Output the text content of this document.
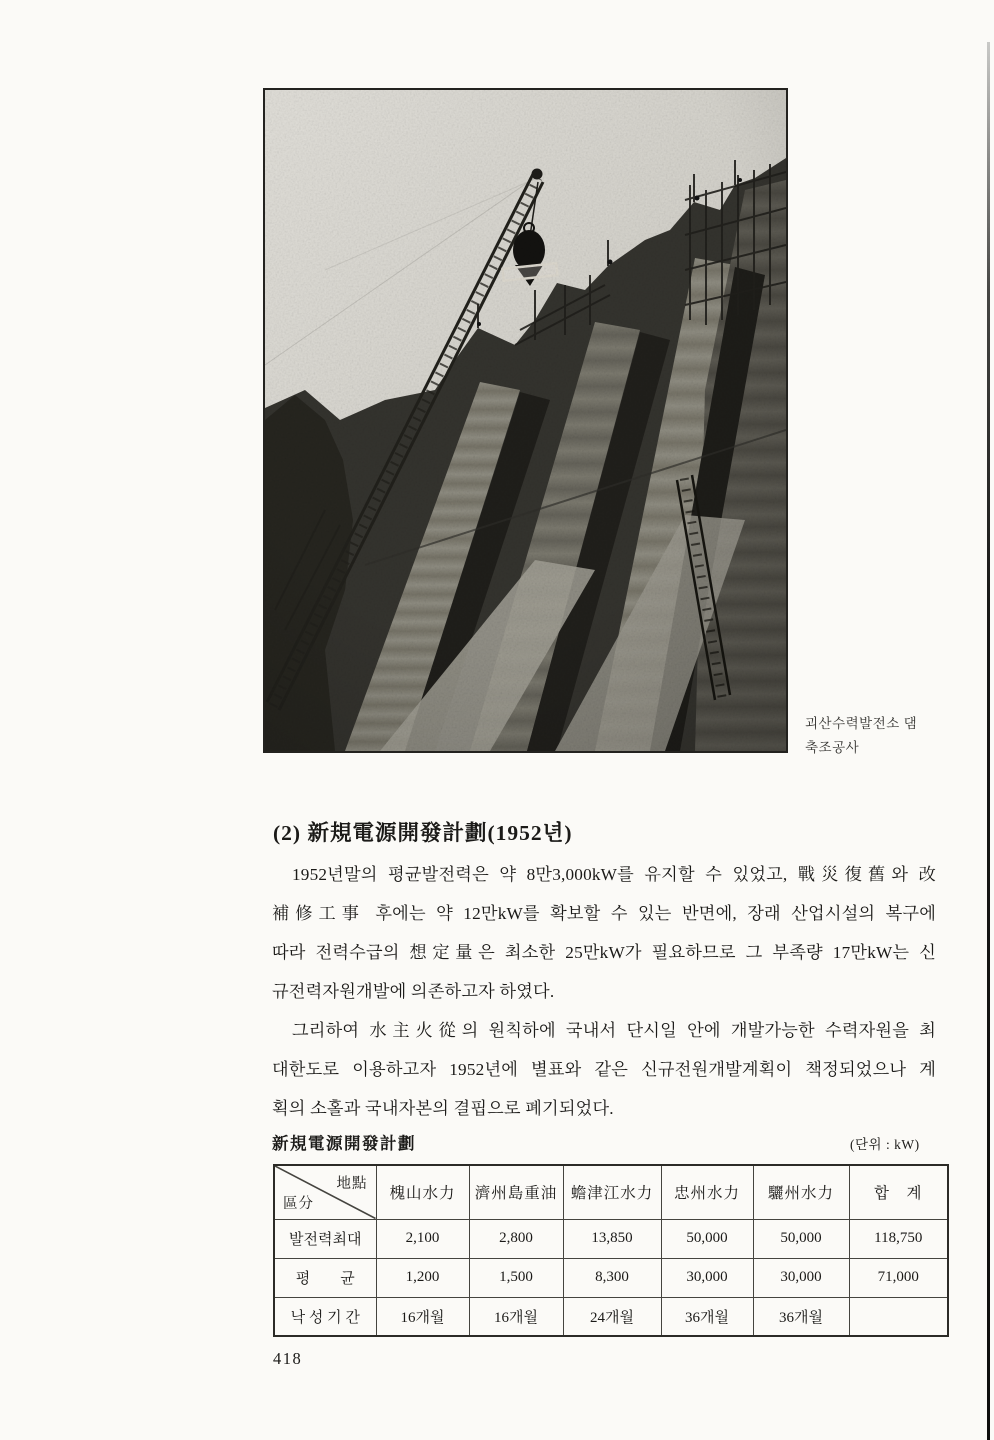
괴산수력발전소 댐
축조공사
(2) 新規電源開發計劃(1952년)
1952년말의 평균발전력은 약 8만3,000kW를 유지할 수 있었고, 戰災復舊와 改
補修工事 후에는 약 12만kW를 확보할 수 있는 반면에, 장래 산업시설의 복구에
따라 전력수급의 想定量은 최소한 25만kW가 필요하므로 그 부족량 17만kW는 신
규전력자원개발에 의존하고자 하였다.
그리하여 水主火從의 원칙하에 국내서 단시일 안에 개발가능한 수력자원을 최
대한도로 이용하고자 1952년에 별표와 같은 신규전원개발계획이 책정되었으나 계
획의 소홀과 국내자본의 결핍으로 폐기되었다.
新規電源開發計劃	(단위 : kW)
地點
區分	槐山水力	濟州島重油	蟾津江水力	忠州水力	驪州水力	합　계
발전력최대	2,100	2,800	13,850	50,000	50,000	118,750
평　　균	1,200	1,500	8,300	30,000	30,000	71,000
낙 성 기 간	16개월	16개월	24개월	36개월	36개월	
418
